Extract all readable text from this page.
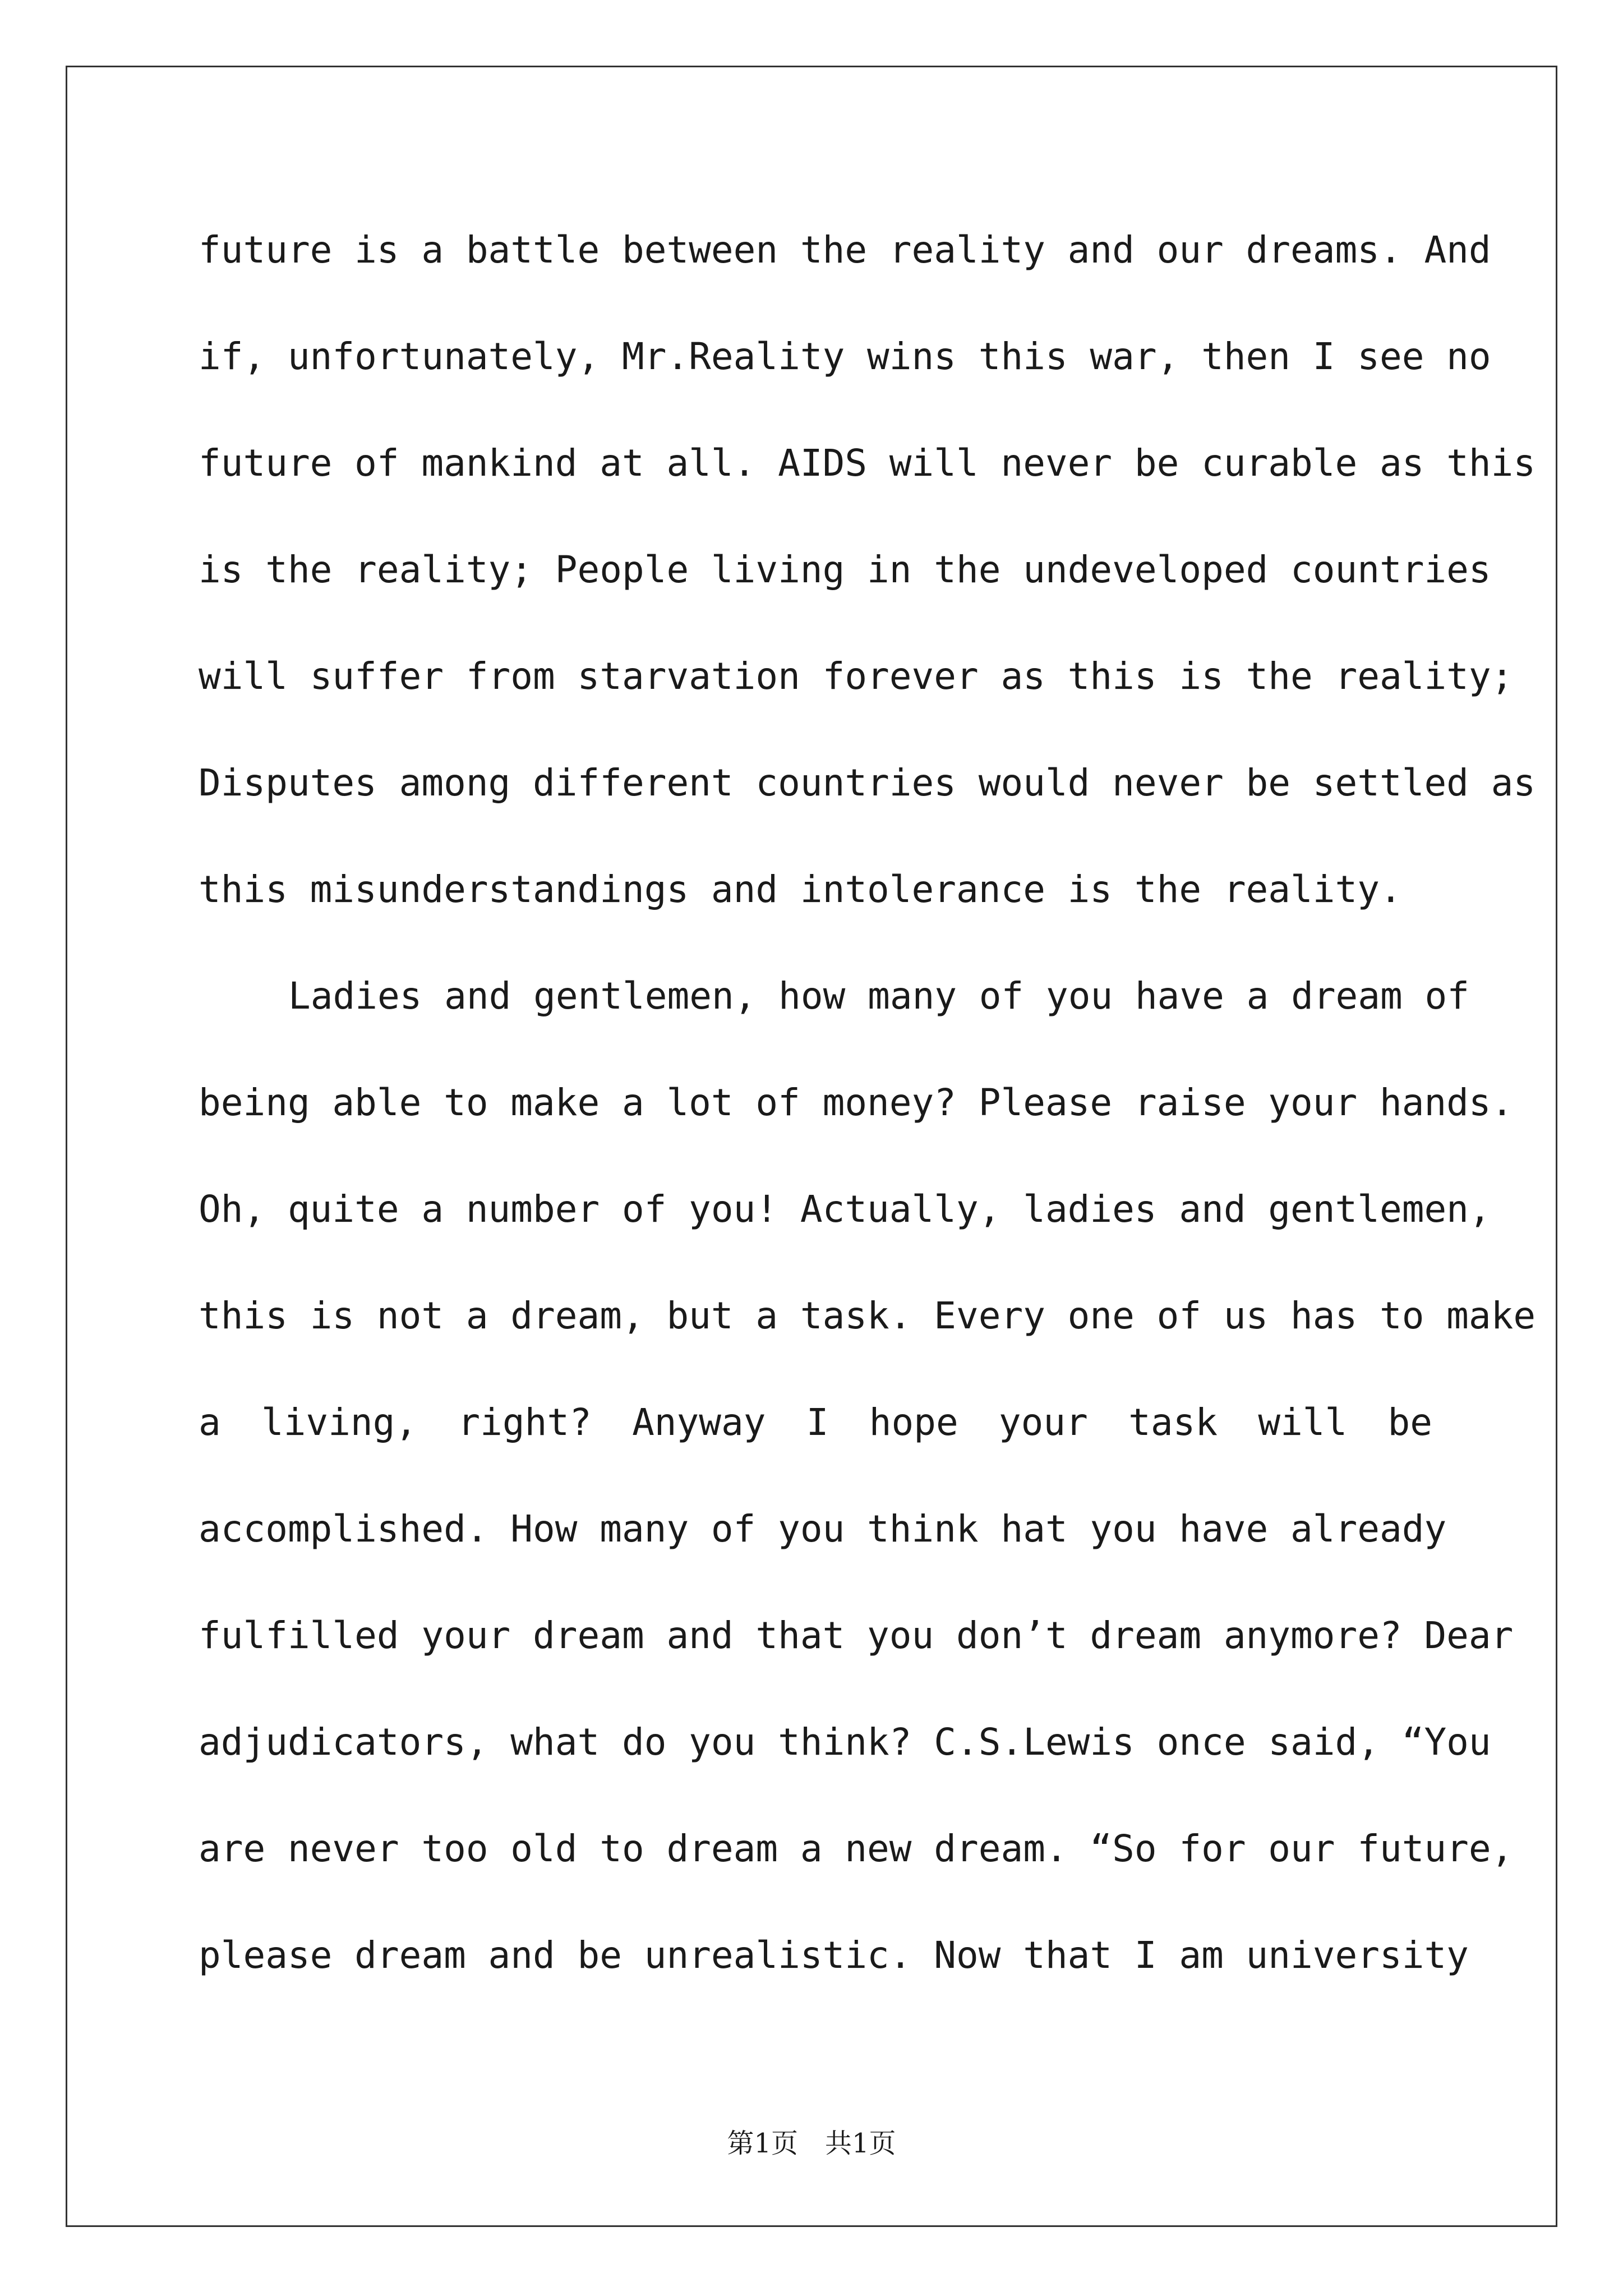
future is a battle between the reality and our dreams. And
if, unfortunately, Mr.Reality wins this war, then I see no
future of mankind at all. AIDS will never be curable as this
is the reality; People living in the undeveloped countries
will suffer from starvation forever as this is the reality;
Disputes among different countries would never be settled as
this misunderstandings and intolerance is the reality.
Ladies and gentlemen, how many of you have a dream of
being able to make a lot of money? Please raise your hands.
Oh, quite a number of you! Actually, ladies and gentlemen,
this is not a dream, but a task. Every one of us has to make
a living, right? Anyway I hope your task will be
accomplished. How many of you think hat you have already
fulfilled your dream and that you don’t dream anymore? Dear
adjudicators, what do you think? C.S.Lewis once said, “You
are never too old to dream a new dream. “So for our future,
please dream and be unrealistic. Now that I am university
第1页　共1页
